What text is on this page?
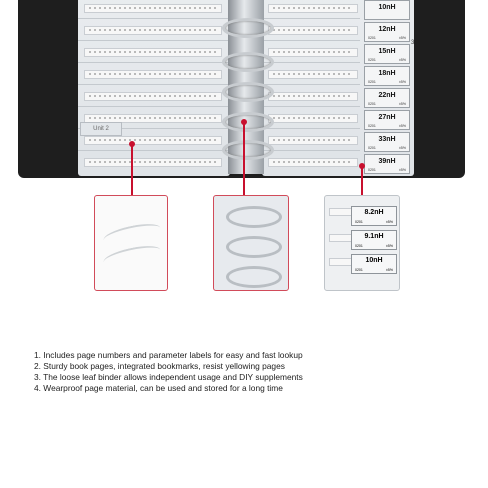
Unit 2
10nH
12nH
0201	±5%
15nH
0201	±5%
18nH
0201	±5%
22nH
0201	±5%
27nH
0201	±5%
33nH
0201	±5%
39nH
0201	±5%
3
8.2nH
0201	±5%
9.1nH
0201	±5%
10nH
0201	±5%
1. Includes page numbers and parameter labels for easy and fast lookup
2. Sturdy book pages, integrated bookmarks, resist yellowing pages
3. The loose leaf binder allows independent usage and DIY supplements
4. Wearproof page material, can be used and stored for a long time
